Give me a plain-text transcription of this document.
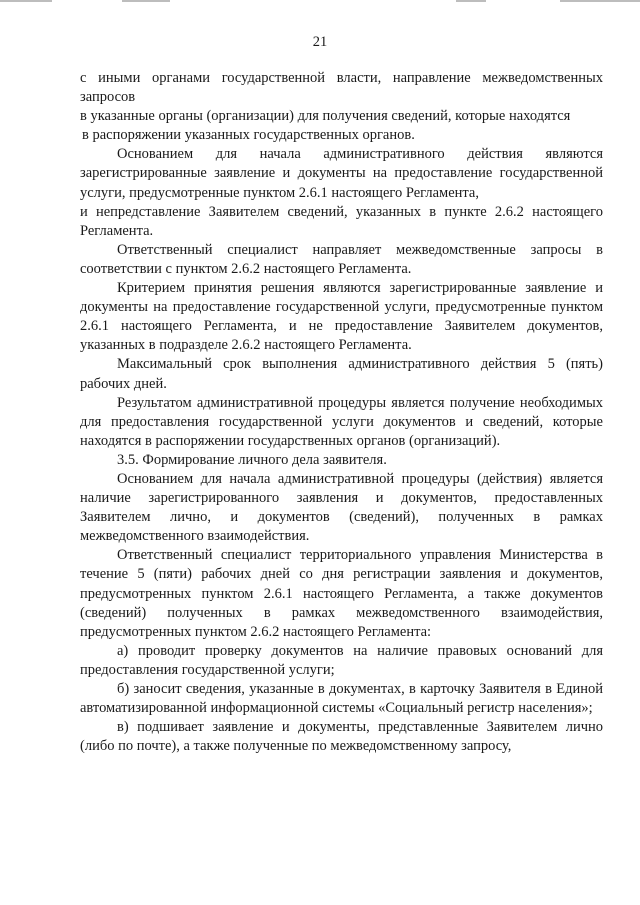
21

с иными органами государственной власти, направление межведомственных запросов

в указанные органы (организации) для получения сведений, которые находятся

в распоряжении указанных государственных органов.

Основанием для начала административного действия являются зарегистрированные заявление и документы на предоставление государственной услуги, предусмотренные пунктом 2.6.1 настоящего Регламента,

и непредставление Заявителем сведений, указанных в пункте 2.6.2 настоящего Регламента.

Ответственный специалист направляет межведомственные запросы в соответствии с пунктом 2.6.2 настоящего Регламента.

Критерием принятия решения являются зарегистрированные заявление и документы на предоставление государственной услуги, предусмотренные пунктом 2.6.1 настоящего Регламента, и не предоставление Заявителем документов, указанных в подразделе 2.6.2 настоящего Регламента.

Максимальный срок выполнения административного действия 5 (пять) рабочих дней.

Результатом административной процедуры является получение необходимых для предоставления государственной услуги документов и сведений, которые находятся в распоряжении государственных органов (организаций).

3.5. Формирование личного дела заявителя.

Основанием для начала административной процедуры (действия) является наличие зарегистрированного заявления и документов, предоставленных Заявителем лично, и документов (сведений), полученных в рамках межведомственного взаимодействия.

Ответственный специалист территориального управления Министерства в течение 5 (пяти) рабочих дней со дня регистрации заявления и документов, предусмотренных пунктом 2.6.1 настоящего Регламента, а также документов (сведений) полученных в рамках межведомственного взаимодействия, предусмотренных пунктом 2.6.2 настоящего Регламента:

а) проводит проверку документов на наличие правовых оснований для предоставления государственной услуги;

б) заносит сведения, указанные в документах, в карточку Заявителя в Единой автоматизированной информационной системы «Социальный регистр населения»;

в) подшивает заявление и документы, представленные Заявителем лично (либо по почте), а также полученные по межведомственному запросу,
